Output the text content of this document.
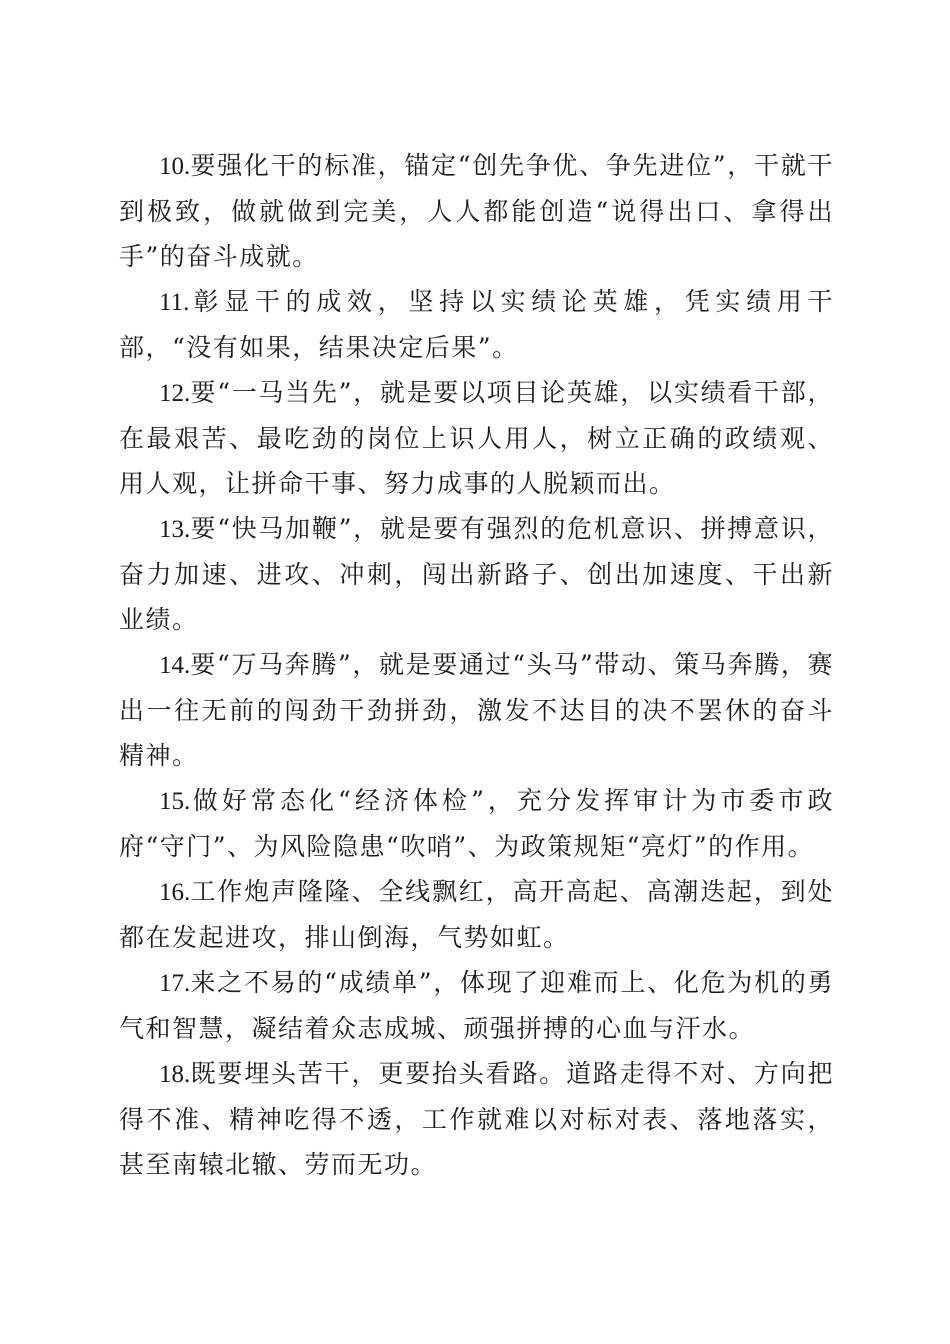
10.要强化干的标准，锚定“创先争优、争先进位”，干就干到极致，做就做到完美，人人都能创造“说得出口、拿得出手”的奋斗成就。

11.彰显干的成效，坚持以实绩论英雄，凭实绩用干部，“没有如果，结果决定后果”。

12.要“一马当先”，就是要以项目论英雄，以实绩看干部，在最艰苦、最吃劲的岗位上识人用人，树立正确的政绩观、用人观，让拼命干事、努力成事的人脱颖而出。

13.要“快马加鞭”，就是要有强烈的危机意识、拼搏意识，奋力加速、进攻、冲刺，闯出新路子、创出加速度、干出新业绩。

14.要“万马奔腾”，就是要通过“头马”带动、策马奔腾，赛出一往无前的闯劲干劲拼劲，激发不达目的决不罢休的奋斗精神。

15.做好常态化“经济体检”，充分发挥审计为市委市政府“守门”、为风险隐患“吹哨”、为政策规矩“亮灯”的作用。

16.工作炮声隆隆、全线飘红，高开高起、高潮迭起，到处都在发起进攻，排山倒海，气势如虹。

17.来之不易的“成绩单”，体现了迎难而上、化危为机的勇气和智慧，凝结着众志成城、顽强拼搏的心血与汗水。

18.既要埋头苦干，更要抬头看路。道路走得不对、方向把得不准、精神吃得不透，工作就难以对标对表、落地落实，甚至南辕北辙、劳而无功。
